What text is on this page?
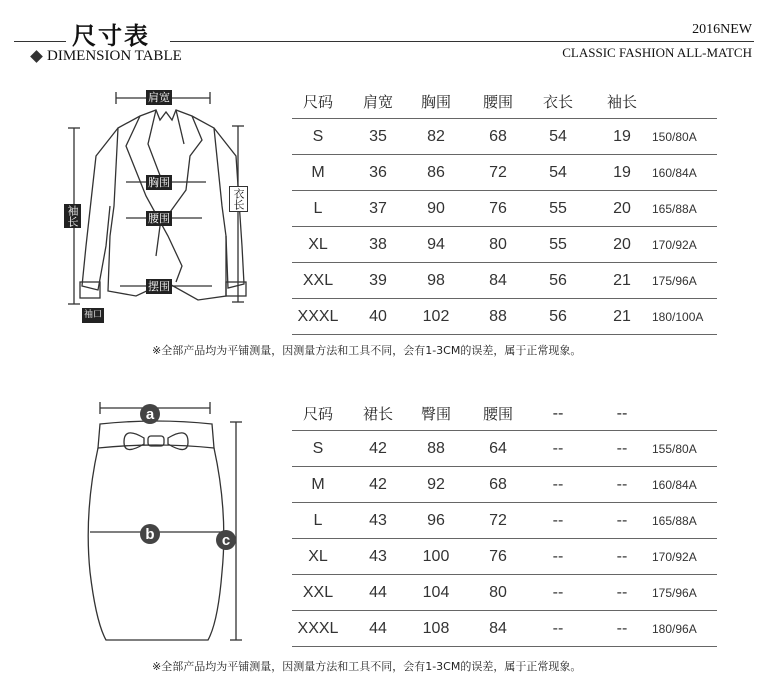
尺寸表
DIMENSION TABLE
2016NEW
CLASSIC FASHION ALL-MATCH
肩宽
胸围
腰围
摆围
袖长
衣长
袖口
尺码	肩宽	胸围	腰围	衣长	袖长
S	35	82	68	54	19	150/80A
M	36	86	72	54	19	160/84A
L	37	90	76	55	20	165/88A
XL	38	94	80	55	20	170/92A
XXL	39	98	84	56	21	175/96A
XXXL	40	102	88	56	21	180/100A
※全部产品均为平铺测量，因测量方法和工具不同，会有1-3CM的误差，属于正常现象。
a
b	c
尺码	裙长	臀围	腰围	--	--
S	42	88	64	--	--	155/80A
M	42	92	68	--	--	160/84A
L	43	96	72	--	--	165/88A
XL	43	100	76	--	--	170/92A
XXL	44	104	80	--	--	175/96A
XXXL	44	108	84	--	--	180/96A
※全部产品均为平铺测量，因测量方法和工具不同，会有1-3CM的误差，属于正常现象。
